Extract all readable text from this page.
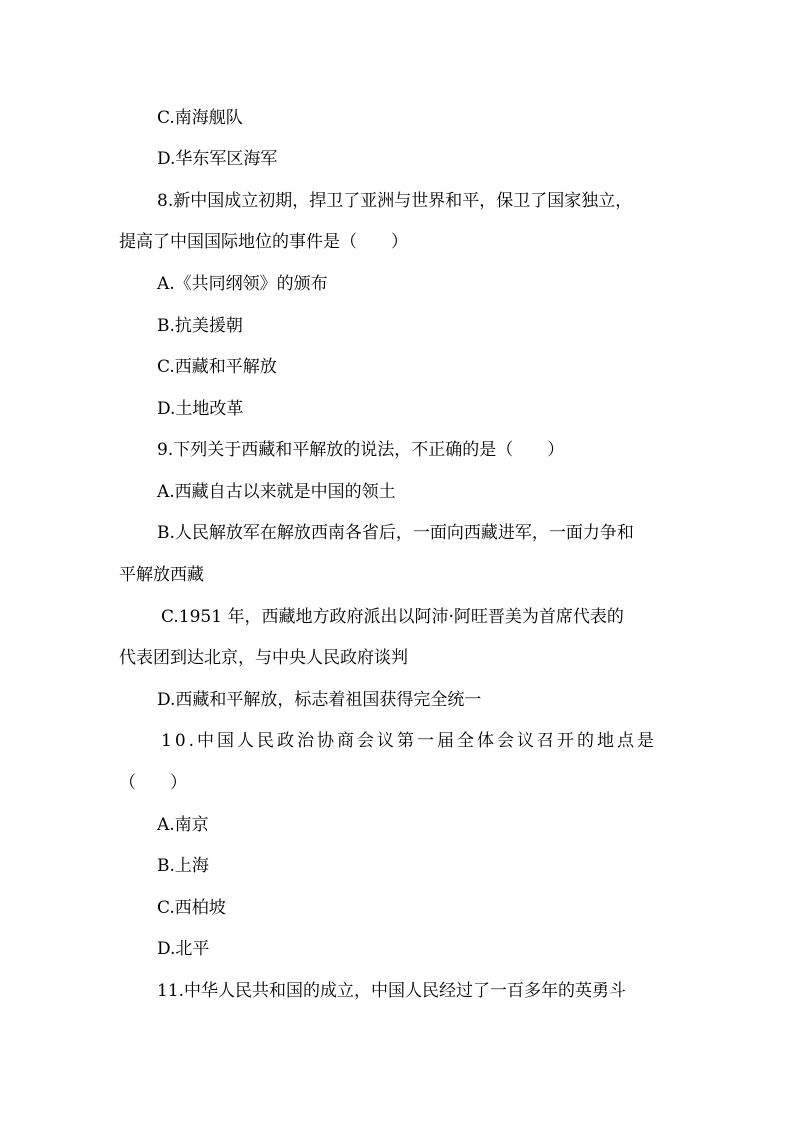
C.南海舰队
D.华东军区海军
8.新中国成立初期，捍卫了亚洲与世界和平，保卫了国家独立，
提高了中国国际地位的事件是（　　）
A.《共同纲领》的颁布
B.抗美援朝
C.西藏和平解放
D.土地改革
9.下列关于西藏和平解放的说法，不正确的是（　　）
A.西藏自古以来就是中国的领土
B.人民解放军在解放西南各省后，一面向西藏进军，一面力争和
平解放西藏
C.1951 年，西藏地方政府派出以阿沛·阿旺晋美为首席代表的
代表团到达北京，与中央人民政府谈判
D.西藏和平解放，标志着祖国获得完全统一
10.中国人民政治协商会议第一届全体会议召开的地点是
（　　）
A.南京
B.上海
C.西柏坡
D.北平
11.中华人民共和国的成立，中国人民经过了一百多年的英勇斗
